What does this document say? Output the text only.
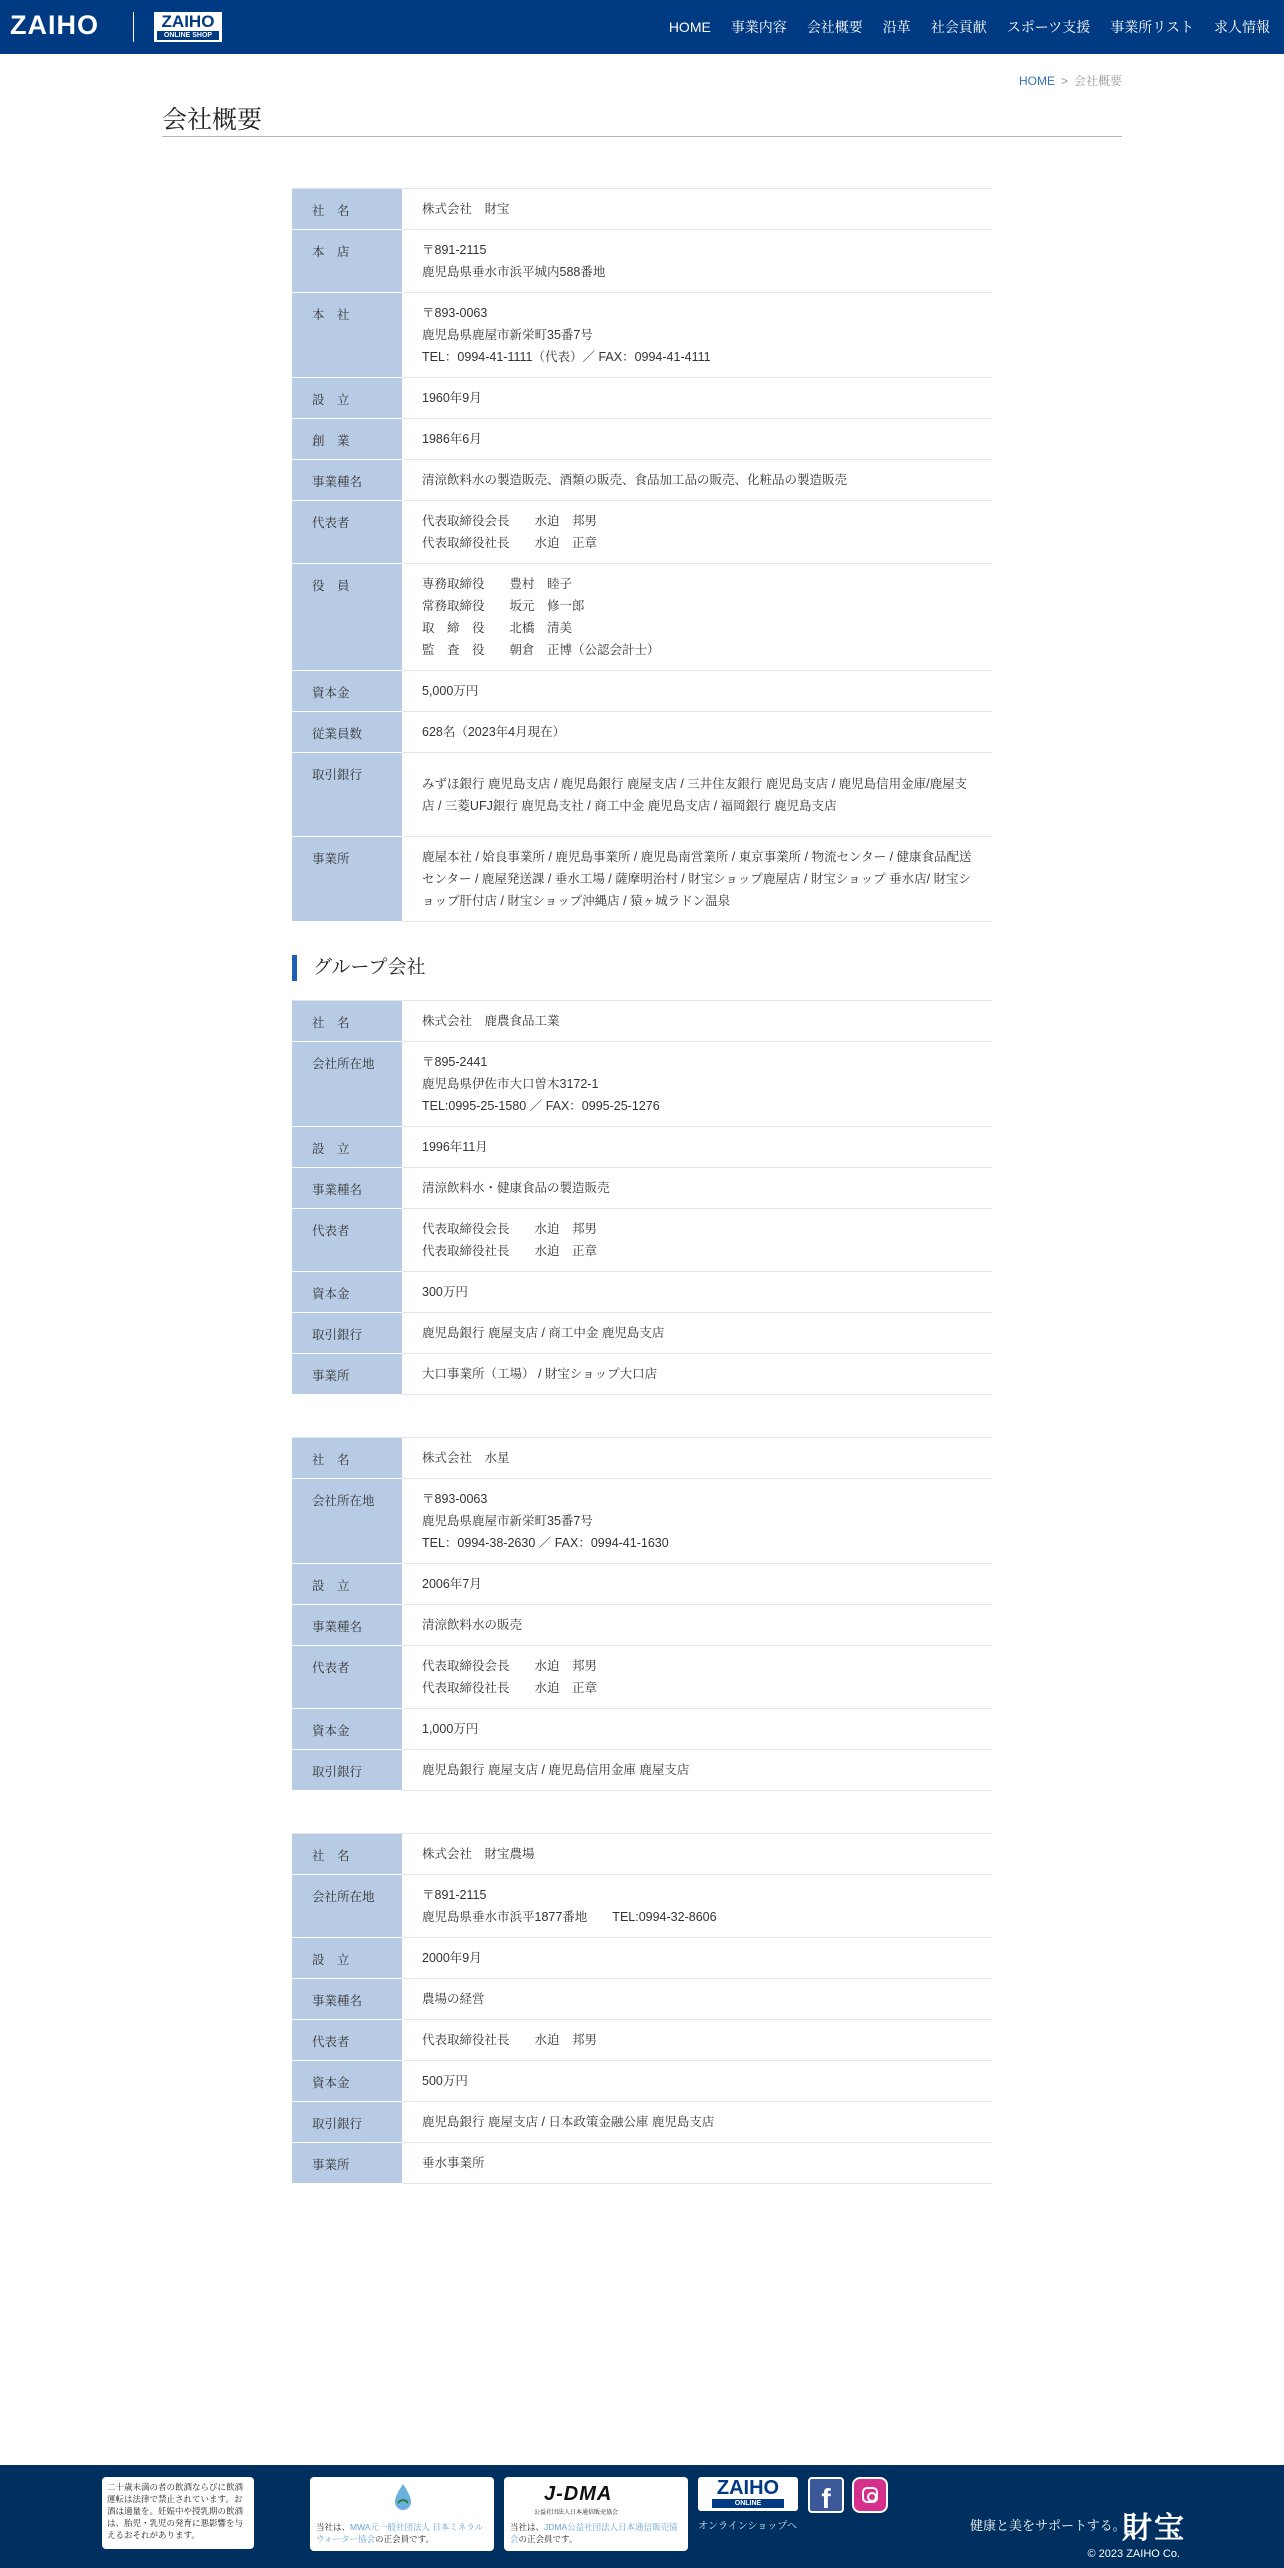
ZAIHO	ZAIHO
ONLINE SHOP
HOME 事業内容 会社概要 沿革 社会貢献 スポーツ支援 事業所リスト 求人情報
HOME > 会社概要
会社概要
社　名	株式会社　財宝

本　店	〒891-2115
鹿児島県垂水市浜平城内588番地

本　社	〒893-0063
鹿児島県鹿屋市新栄町35番7号
TEL：0994-41-1111（代表）／ FAX：0994-41-4111

設　立	1960年9月

創　業	1986年6月

事業種名	清涼飲料水の製造販売、酒類の販売、食品加工品の販売、化粧品の製造販売

代表者	代表取締役会長　　水迫　邦男
代表取締役社長　　水迫　正章

役　員	専務取締役　　豊村　睦子
常務取締役　　坂元　修一郎
取　締　役　　北橋　清美
監　査　役　　朝倉　正博（公認会計士）

資本金	5,000万円

従業員数	628名（2023年4月現在）

取引銀行	みずほ銀行 鹿児島支店 / 鹿児島銀行 鹿屋支店 / 三井住友銀行 鹿児島支店 / 鹿児島信用金庫/鹿屋支店 / 三菱UFJ銀行 鹿児島支社 / 商工中金 鹿児島支店 / 福岡銀行 鹿児島支店

事業所	鹿屋本社 / 姶良事業所 / 鹿児島事業所 / 鹿児島南営業所 / 東京事業所 / 物流センター / 健康食品配送センター / 鹿屋発送課 / 垂水工場 / 薩摩明治村 / 財宝ショップ鹿屋店 / 財宝ショップ 垂水店/ 財宝ショップ肝付店 / 財宝ショップ沖縄店 / 猿ヶ城ラドン温泉
グループ会社
社　名	株式会社　鹿農食品工業

会社所在地	〒895-2441
鹿児島県伊佐市大口曽木3172-1
TEL:0995-25-1580 ／ FAX：0995-25-1276

設　立	1996年11月

事業種名	清涼飲料水・健康食品の製造販売

代表者	代表取締役会長　　水迫　邦男
代表取締役社長　　水迫　正章

資本金	300万円

取引銀行	鹿児島銀行 鹿屋支店 / 商工中金 鹿児島支店

事業所	大口事業所（工場） / 財宝ショップ大口店
社　名	株式会社　水星

会社所在地	〒893-0063
鹿児島県鹿屋市新栄町35番7号
TEL：0994-38-2630 ／ FAX：0994-41-1630

設　立	2006年7月

事業種名	清涼飲料水の販売

代表者	代表取締役会長　　水迫　邦男
代表取締役社長　　水迫　正章

資本金	1,000万円

取引銀行	鹿児島銀行 鹿屋支店 / 鹿児島信用金庫 鹿屋支店
社　名	株式会社　財宝農場

会社所在地	〒891-2115
鹿児島県垂水市浜平1877番地　　TEL:0994-32-8606

設　立	2000年9月

事業種名	農場の経営

代表者	代表取締役社長　　水迫　邦男

資本金	500万円

取引銀行	鹿児島銀行 鹿屋支店 / 日本政策金融公庫 鹿児島支店

事業所	垂水事業所
二十歳未満の者の飲酒ならびに飲酒運転は法律で禁止されています。お酒は適量を。妊娠中や授乳期の飲酒は、胎児・乳児の発育に悪影響を与えるおそれがあります。
当社は、MWA元一般社団法人 日本ミネラルウォーター協会の正会員です。
J-DMA
公益社団法人日本通信販売協会
当社は、JDMA公益社団法人日本通信販売協会の正会員です。
ZAIHO
ONLINE
オンラインショップへ
f
健康と美をサポートする。
財宝
© 2023 ZAIHO Co.
